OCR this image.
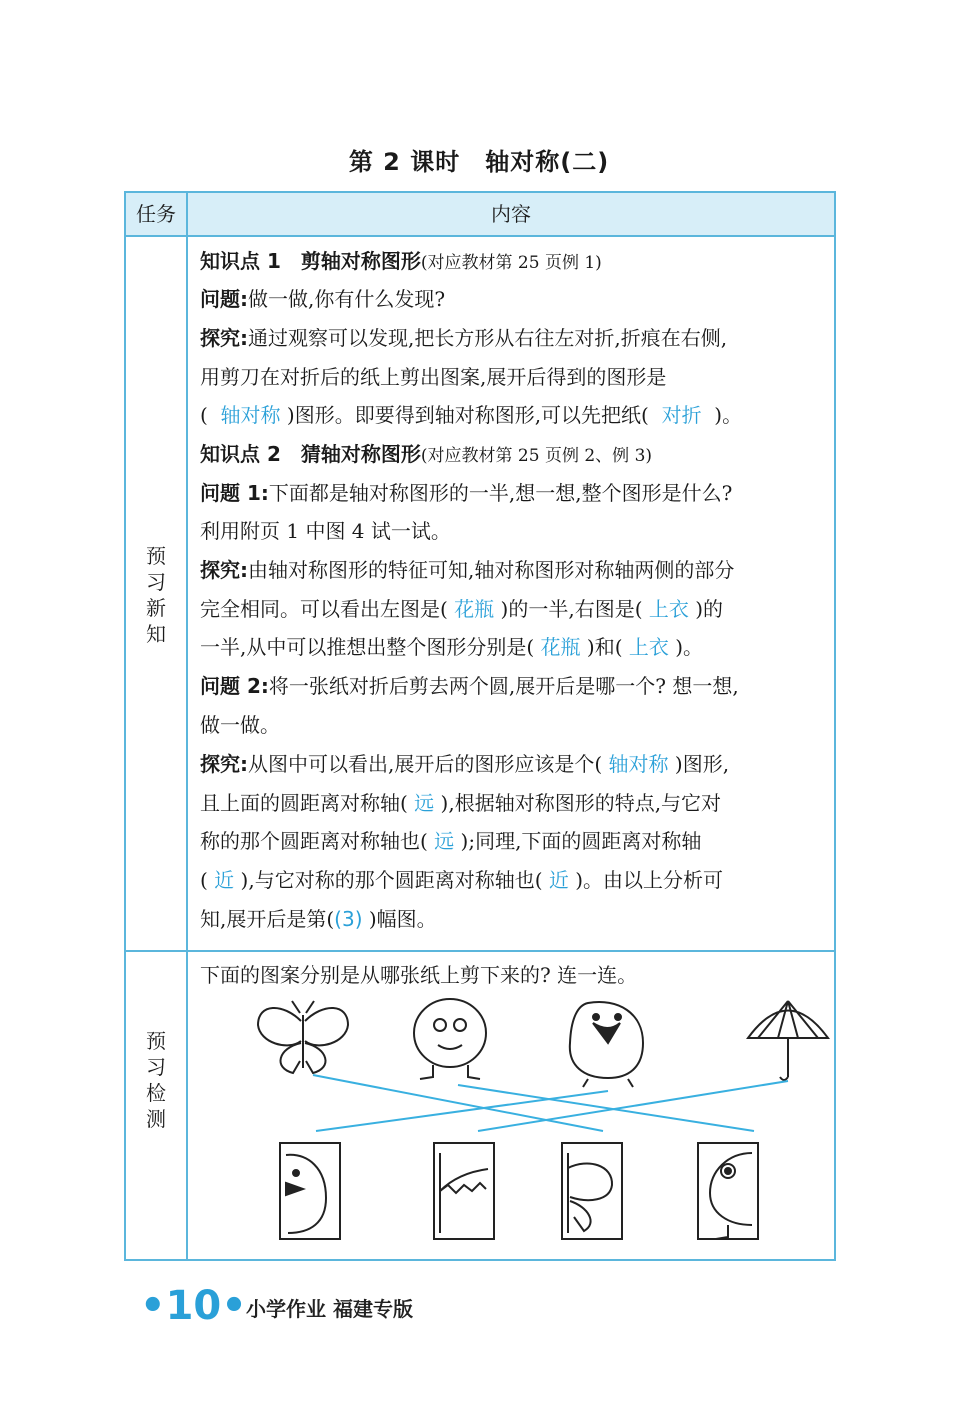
第 2 课时　轴对称(二)
任务	内容
预
习
新
知
预
习
检
测
知识点 1　剪轴对称图形(对应教材第 25 页例 1)
问题:做一做,你有什么发现?
探究:通过观察可以发现,把长方形从右往左对折,折痕在右侧,
用剪刀在对折后的纸上剪出图案,展开后得到的图形是
( 轴对称 )图形。即要得到轴对称图形,可以先把纸( 对折 )。
知识点 2　猜轴对称图形(对应教材第 25 页例 2、例 3)
问题 1:下面都是轴对称图形的一半,想一想,整个图形是什么?
利用附页 1 中图 4 试一试。
探究:由轴对称图形的特征可知,轴对称图形对称轴两侧的部分
完全相同。可以看出左图是( 花瓶 )的一半,右图是( 上衣 )的
一半,从中可以推想出整个图形分别是( 花瓶 )和( 上衣 )。
问题 2:将一张纸对折后剪去两个圆,展开后是哪一个? 想一想,
做一做。
探究:从图中可以看出,展开后的图形应该是个( 轴对称 )图形,
且上面的圆距离对称轴( 远 ),根据轴对称图形的特点,与它对
称的那个圆距离对称轴也( 远 );同理,下面的圆距离对称轴
( 近 ),与它对称的那个圆距离对称轴也( 近 )。由以上分析可
知,展开后是第((3) )幅图。
下面的图案分别是从哪张纸上剪下来的? 连一连。
•10• 小学作业 福建专版
